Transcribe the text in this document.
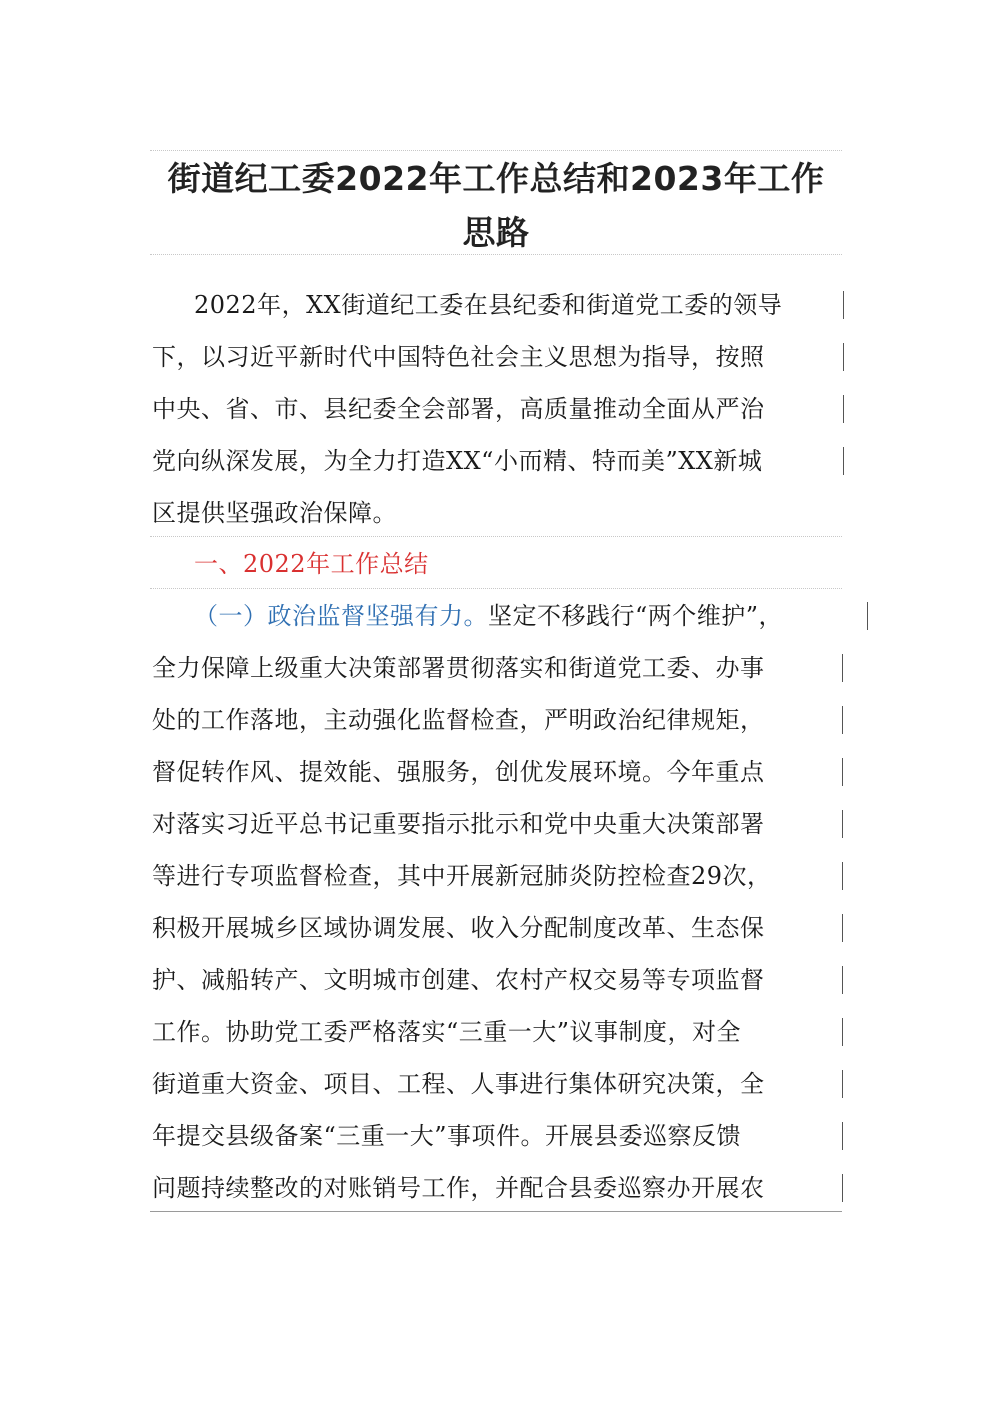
街道纪工委2022年工作总结和2023年工作
思路
2022年，XX街道纪工委在县纪委和街道党工委的领导
下，以习近平新时代中国特色社会主义思想为指导，按照
中央、省、市、县纪委全会部署，高质量推动全面从严治
党向纵深发展，为全力打造XX“小而精、特而美”XX新城
区提供坚强政治保障。

一、2022年工作总结

（一）政治监督坚强有力。坚定不移践行“两个维护”，
全力保障上级重大决策部署贯彻落实和街道党工委、办事
处的工作落地，主动强化监督检查，严明政治纪律规矩，
督促转作风、提效能、强服务，创优发展环境。今年重点
对落实习近平总书记重要指示批示和党中央重大决策部署
等进行专项监督检查，其中开展新冠肺炎防控检查29次，
积极开展城乡区域协调发展、收入分配制度改革、生态保
护、减船转产、文明城市创建、农村产权交易等专项监督
工作。协助党工委严格落实“三重一大”议事制度，对全
街道重大资金、项目、工程、人事进行集体研究决策，全
年提交县级备案“三重一大”事项件。开展县委巡察反馈
问题持续整改的对账销号工作，并配合县委巡察办开展农
